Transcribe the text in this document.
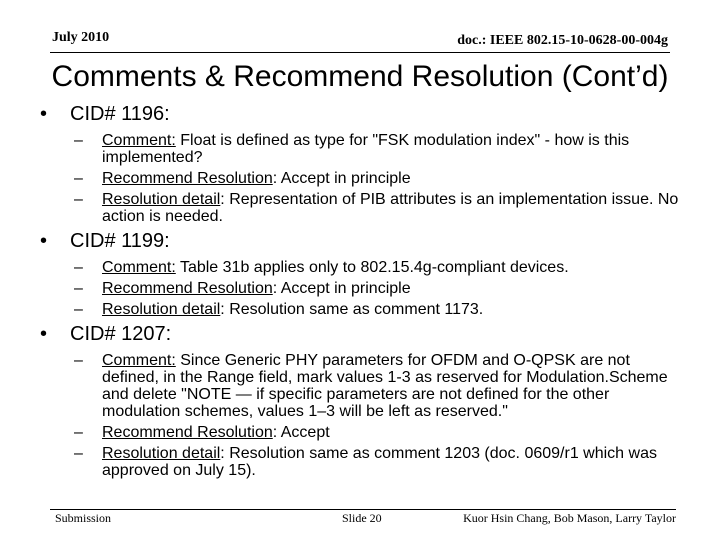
July 2010	doc.: IEEE 802.15-10-0628-00-004g
Comments & Recommend Resolution (Cont’d)
• CID# 1196:
– Comment: Float is defined as type for "FSK modulation index" - how is this implemented?
– Recommend Resolution: Accept in principle
– Resolution detail: Representation of PIB attributes is an implementation issue. No action is needed.
• CID# 1199:
– Comment: Table 31b applies only to 802.15.4g-compliant devices.
– Recommend Resolution: Accept in principle
– Resolution detail: Resolution same as comment 1173.
• CID# 1207:
– Comment: Since Generic PHY parameters for OFDM and O-QPSK are not defined, in the Range field, mark values 1-3 as reserved for Modulation.Scheme and delete "NOTE — if specific parameters are not defined for the other modulation schemes, values 1–3 will be left as reserved."
– Recommend Resolution: Accept
– Resolution detail: Resolution same as comment 1203 (doc. 0609/r1 which was approved on July 15).
Submission	Slide 20	Kuor Hsin Chang, Bob Mason, Larry Taylor
